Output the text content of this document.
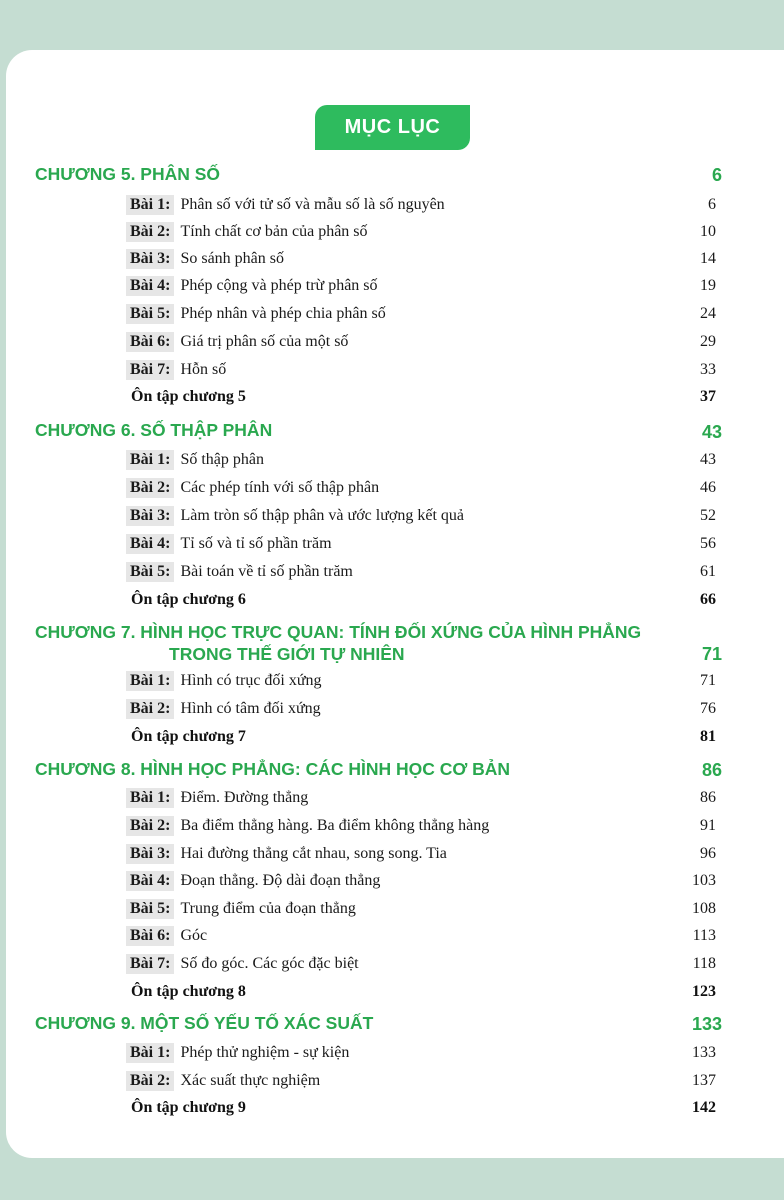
MỤC LỤC
CHƯƠNG 5. PHÂN SỐ	6
Bài 1: Phân số với tử số và mẫu số là số nguyên	6
Bài 2: Tính chất cơ bản của phân số	10
Bài 3: So sánh phân số	14
Bài 4: Phép cộng và phép trừ phân số	19
Bài 5: Phép nhân và phép chia phân số	24
Bài 6: Giá trị phân số của một số	29
Bài 7: Hỗn số	33
Ôn tập chương 5	37
CHƯƠNG 6. SỐ THẬP PHÂN	43
Bài 1: Số thập phân	43
Bài 2: Các phép tính với số thập phân	46
Bài 3: Làm tròn số thập phân và ước lượng kết quả	52
Bài 4: Tỉ số và tỉ số phần trăm	56
Bài 5: Bài toán về tỉ số phần trăm	61
Ôn tập chương 6	66
CHƯƠNG 7. HÌNH HỌC TRỰC QUAN: TÍNH ĐỐI XỨNG CỦA HÌNH PHẲNG
TRONG THẾ GIỚI TỰ NHIÊN	71
Bài 1: Hình có trục đối xứng	71
Bài 2: Hình có tâm đối xứng	76
Ôn tập chương 7	81
CHƯƠNG 8. HÌNH HỌC PHẲNG: CÁC HÌNH HỌC CƠ BẢN	86
Bài 1: Điểm. Đường thẳng	86
Bài 2: Ba điểm thẳng hàng. Ba điểm không thẳng hàng	91
Bài 3: Hai đường thẳng cắt nhau, song song. Tia	96
Bài 4: Đoạn thẳng. Độ dài đoạn thẳng	103
Bài 5: Trung điểm của đoạn thẳng	108
Bài 6: Góc	113
Bài 7: Số đo góc. Các góc đặc biệt	118
Ôn tập chương 8	123
CHƯƠNG 9. MỘT SỐ YẾU TỐ XÁC SUẤT	133
Bài 1: Phép thử nghiệm - sự kiện	133
Bài 2: Xác suất thực nghiệm	137
Ôn tập chương 9	142
